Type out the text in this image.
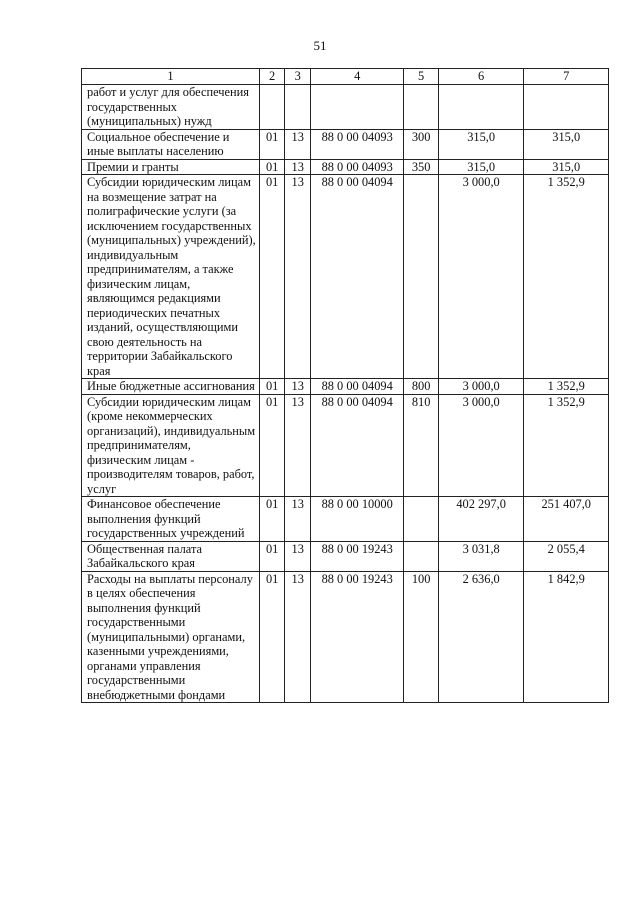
51
1	2	3	4	5	6	7
работ и услуг для обеспечения государственных (муниципальных) нужд						
Социальное обеспечение и иные выплаты населению	01	13	88 0 00 04093	300	315,0	315,0
Премии и гранты	01	13	88 0 00 04093	350	315,0	315,0
Субсидии юридическим лицам на возмещение затрат на полиграфические услуги (за исключением государственных (муниципальных) учреждений), индивидуальным предпринимателям, а также физическим лицам, являющимся редакциями периодических печатных изданий, осуществляющими свою деятельность на территории Забайкальского края	01	13	88 0 00 04094		3 000,0	1 352,9
Иные бюджетные ассигнования	01	13	88 0 00 04094	800	3 000,0	1 352,9
Субсидии юридическим лицам (кроме некоммерческих организаций), индивидуальным предпринимателям, физическим лицам - производителям товаров, работ, услуг	01	13	88 0 00 04094	810	3 000,0	1 352,9
Финансовое обеспечение выполнения функций государственных учреждений	01	13	88 0 00 10000		402 297,0	251 407,0
Общественная палата Забайкальского края	01	13	88 0 00 19243		3 031,8	2 055,4
Расходы на выплаты персоналу в целях обеспечения выполнения функций государственными (муниципальными) органами, казенными учреждениями, органами управления государственными внебюджетными фондами	01	13	88 0 00 19243	100	2 636,0	1 842,9
